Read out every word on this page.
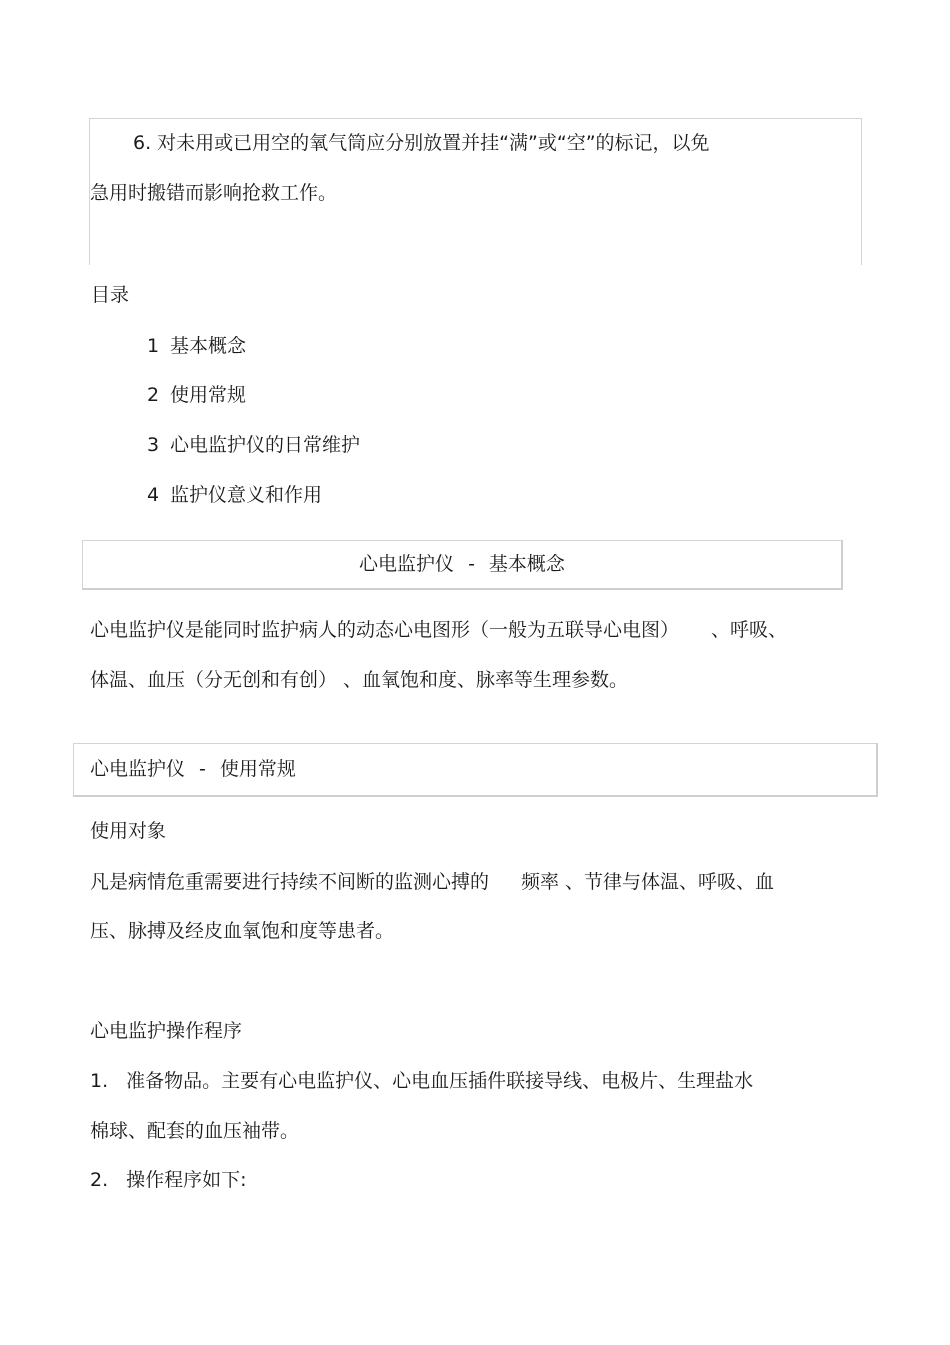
6. 对未用或已用空的氧气筒应分别放置并挂“满”或“空”的标记，以免
急用时搬错而影响抢救工作。
目录
1 基本概念
2 使用常规
3 心电监护仪的日常维护
4 监护仪意义和作用
心电监护仪 - 基本概念
心电监护仪是能同时监护病人的动态心电图形（一般为五联导心电图） 、呼吸、
体温、血压（分无创和有创） 、血氧饱和度、脉率等生理参数。
心电监护仪 - 使用常规
使用对象
凡是病情危重需要进行持续不间断的监测心搏的 频率 、节律与体温、呼吸、血
压、脉搏及经皮血氧饱和度等患者。
心电监护操作程序
1. 准备物品。主要有心电监护仪、心电血压插件联接导线、电极片、生理盐水
棉球、配套的血压袖带。
2. 操作程序如下:
